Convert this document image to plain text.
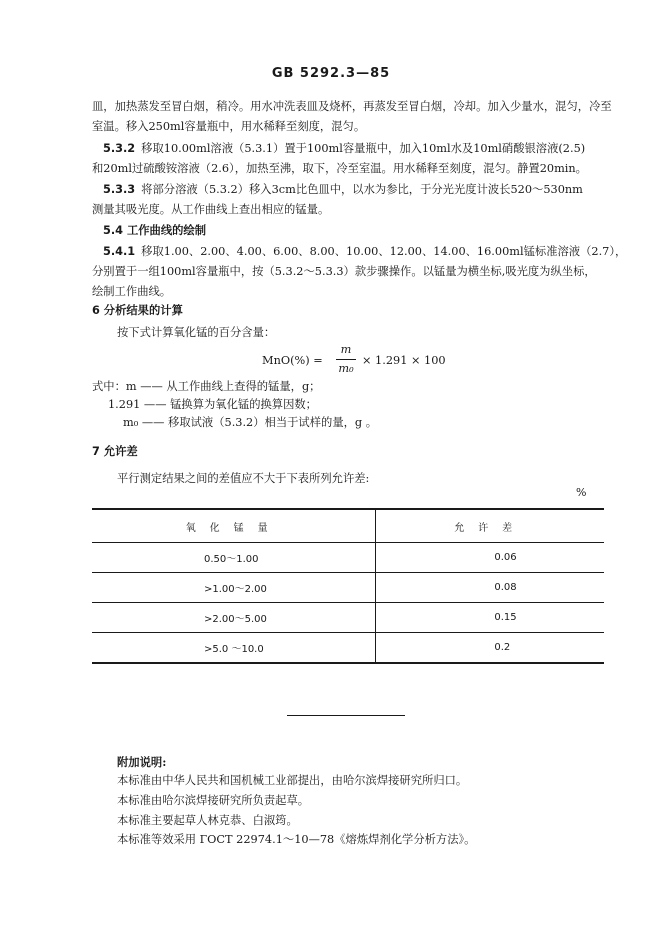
GB 5292.3—85
皿，加热蒸发至冒白烟，稍冷。用水冲洗表皿及烧杯，再蒸发至冒白烟，冷却。加入少量水，混匀，冷至
室温。移入250ml容量瓶中，用水稀释至刻度，混匀。
5.3.2 移取10.00ml溶液（5.3.1）置于100ml容量瓶中，加入10ml水及10ml硝酸银溶液(2.5)
和20ml过硫酸铵溶液（2.6），加热至沸，取下，冷至室温。用水稀释至刻度，混匀。静置20min。
5.3.3 将部分溶液（5.3.2）移入3cm比色皿中，以水为参比，于分光光度计波长520～530nm
测量其吸光度。从工作曲线上查出相应的锰量。
5.4 工作曲线的绘制
5.4.1 移取1.00、2.00、4.00、6.00、8.00、10.00、12.00、14.00、16.00ml锰标准溶液（2.7），
分别置于一组100ml容量瓶中，按（5.3.2～5.3.3）款步骤操作。以锰量为横坐标,吸光度为纵坐标，
绘制工作曲线。
6 分析结果的计算
按下式计算氧化锰的百分含量：
MnO(%) =
m
m₀
× 1.291 × 100
式中：m —— 从工作曲线上查得的锰量，g；
1.291 —— 锰换算为氧化锰的换算因数；
m₀ —— 移取试液（5.3.2）相当于试样的量，g 。
7 允许差
平行测定结果之间的差值应不大于下表所列允许差:
%
氧化锰量	允许差
0.50～1.00	0.06
>1.00～2.00	0.08
>2.00～5.00	0.15
>5.0 ～10.0	0.2
附加说明:
本标准由中华人民共和国机械工业部提出，由哈尔滨焊接研究所归口。
本标准由哈尔滨焊接研究所负责起草。
本标准主要起草人林克恭、白淑筠。
本标准等效采用 ГОСТ 22974.1～10—78《熔炼焊剂化学分析方法》。
